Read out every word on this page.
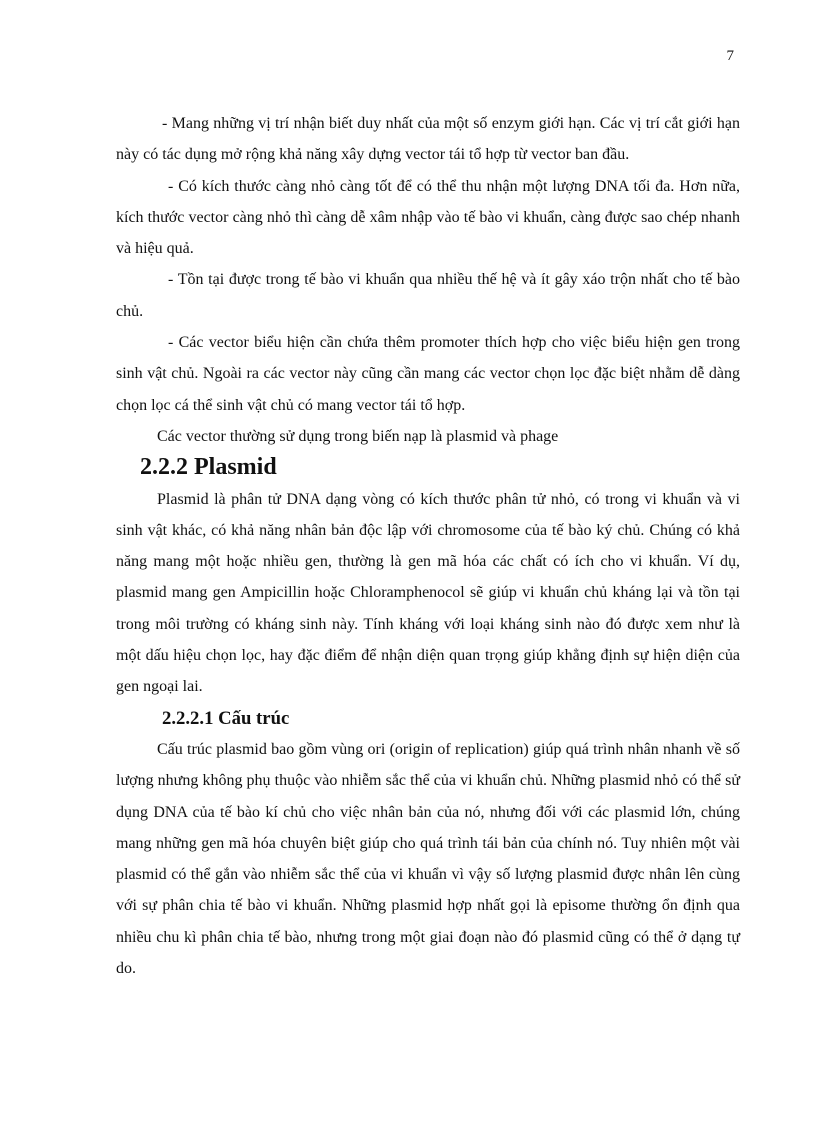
7

- Mang những vị trí nhận biết duy nhất của một số enzym giới hạn. Các vị trí cắt giới hạn này có tác dụng mở rộng khả năng xây dựng vector tái tổ hợp từ vector ban đầu.

- Có kích thước càng nhỏ càng tốt để có thể thu nhận một lượng DNA tối đa. Hơn nữa, kích thước vector càng nhỏ thì càng dễ xâm nhập vào tế bào vi khuẩn, càng được sao chép nhanh và hiệu quả.

- Tồn tại được trong tế bào vi khuẩn qua nhiều thế hệ và ít gây xáo trộn nhất cho tế bào chủ.

- Các vector biểu hiện cần chứa thêm promoter thích hợp cho việc biểu hiện gen trong sinh vật chủ. Ngoài ra các vector này cũng cần mang các vector chọn lọc đặc biệt nhằm dễ dàng chọn lọc cá thể sinh vật chủ có mang vector tái tổ hợp.

Các vector thường sử dụng trong biến nạp là plasmid và phage

2.2.2 Plasmid

Plasmid là phân tử DNA dạng vòng có kích thước phân tử nhỏ, có trong vi khuẩn và vi sinh vật khác, có khả năng nhân bản độc lập với chromosome của tế bào ký chủ. Chúng có khả năng mang một hoặc nhiều gen, thường là gen mã hóa các chất có ích cho vi khuẩn. Ví dụ, plasmid mang gen Ampicillin hoặc Chloramphenocol sẽ giúp vi khuẩn chủ kháng lại và tồn tại trong môi trường có kháng sinh này. Tính kháng với loại kháng sinh nào đó được xem như là một dấu hiệu chọn lọc, hay đặc điểm để nhận diện quan trọng giúp khẳng định sự hiện diện của gen ngoại lai.

2.2.2.1 Cấu trúc

Cấu trúc plasmid bao gồm vùng ori (origin of replication) giúp quá trình nhân nhanh về số lượng nhưng không phụ thuộc vào nhiễm sắc thể của vi khuẩn chủ. Những plasmid nhỏ có thể sử dụng DNA của tế bào kí chủ cho việc nhân bản của nó, nhưng đối với các plasmid lớn, chúng mang những gen mã hóa chuyên biệt giúp cho quá trình tái bản của chính nó. Tuy nhiên một vài plasmid có thể gắn vào nhiễm sắc thể của vi khuẩn vì vậy số lượng plasmid được nhân lên cùng với sự phân chia tế bào vi khuẩn. Những plasmid hợp nhất gọi là episome thường ổn định qua nhiều chu kì phân chia tế bào, nhưng trong một giai đoạn nào đó plasmid cũng có thể ở dạng tự do.
